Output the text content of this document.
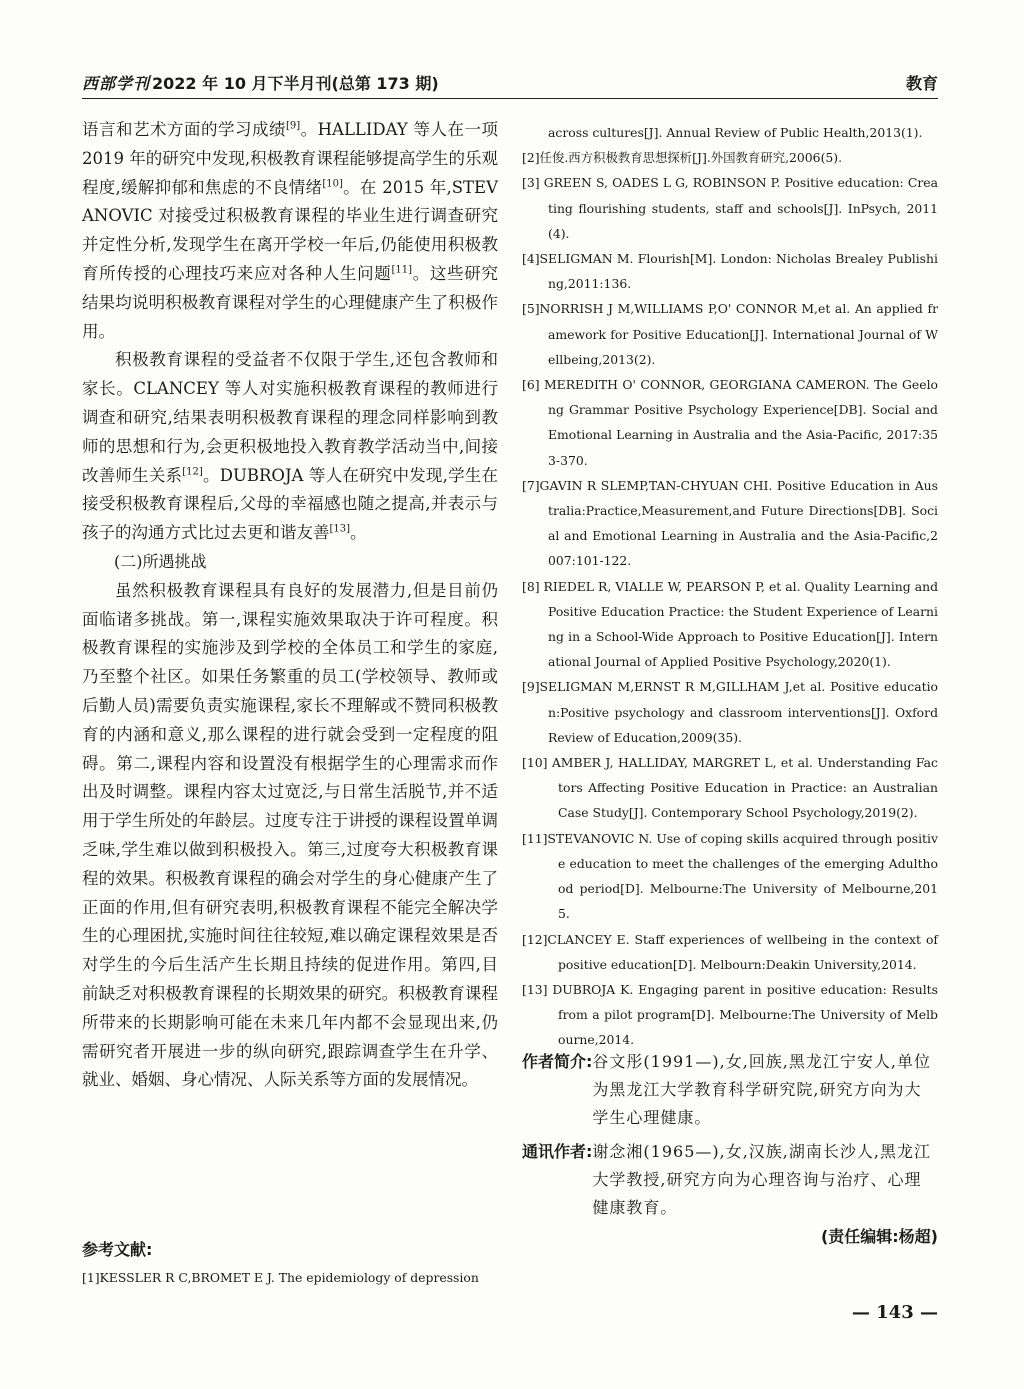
西部学刊 2022 年 10 月下半月刊(总第 173 期)	教育

语言和艺术方面的学习成绩[9]。HALLIDAY 等人在一项 2019 年的研究中发现,积极教育课程能够提高学生的乐观程度,缓解抑郁和焦虑的不良情绪[10]。在 2015 年,STEVANOVIC 对接受过积极教育课程的毕业生进行调查研究并定性分析,发现学生在离开学校一年后,仍能使用积极教育所传授的心理技巧来应对各种人生问题[11]。这些研究结果均说明积极教育课程对学生的心理健康产生了积极作用。

积极教育课程的受益者不仅限于学生,还包含教师和家长。CLANCEY 等人对实施积极教育课程的教师进行调查和研究,结果表明积极教育课程的理念同样影响到教师的思想和行为,会更积极地投入教育教学活动当中,间接改善师生关系[12]。DUBROJA 等人在研究中发现,学生在接受积极教育课程后,父母的幸福感也随之提高,并表示与孩子的沟通方式比过去更和谐友善[13]。

(二)所遇挑战

虽然积极教育课程具有良好的发展潜力,但是目前仍面临诸多挑战。第一,课程实施效果取决于许可程度。积极教育课程的实施涉及到学校的全体员工和学生的家庭,乃至整个社区。如果任务繁重的员工(学校领导、教师或后勤人员)需要负责实施课程,家长不理解或不赞同积极教育的内涵和意义,那么课程的进行就会受到一定程度的阻碍。第二,课程内容和设置没有根据学生的心理需求而作出及时调整。课程内容太过宽泛,与日常生活脱节,并不适用于学生所处的年龄层。过度专注于讲授的课程设置单调乏味,学生难以做到积极投入。第三,过度夸大积极教育课程的效果。积极教育课程的确会对学生的身心健康产生了正面的作用,但有研究表明,积极教育课程不能完全解决学生的心理困扰,实施时间往往较短,难以确定课程效果是否对学生的今后生活产生长期且持续的促进作用。第四,目前缺乏对积极教育课程的长期效果的研究。积极教育课程所带来的长期影响可能在未来几年内都不会显现出来,仍需研究者开展进一步的纵向研究,跟踪调查学生在升学、就业、婚姻、身心情况、人际关系等方面的发展情况。

参考文献:
[1]KESSLER R C,BROMET E J. The epidemiology of depression

across cultures[J]. Annual Review of Public Health,2013(1).

[2]任俊.西方积极教育思想探析[J].外国教育研究,2006(5).

[3] GREEN S, OADES L G, ROBINSON P. Positive education: Creating flourishing students, staff and schools[J]. InPsych, 2011(4).

[4]SELIGMAN M. Flourish[M]. London: Nicholas Brealey Publishing,2011:136.

[5]NORRISH J M,WILLIAMS P,O' CONNOR M,et al. An applied framework for Positive Education[J]. International Journal of Wellbeing,2013(2).

[6] MEREDITH O' CONNOR, GEORGIANA CAMERON. The Geelong Grammar Positive Psychology Experience[DB]. Social and Emotional Learning in Australia and the Asia-Pacific, 2017:353-370.

[7]GAVIN R SLEMP,TAN-CHYUAN CHI. Positive Education in Australia:Practice,Measurement,and Future Directions[DB]. Social and Emotional Learning in Australia and the Asia-Pacific,2007:101-122.

[8] RIEDEL R, VIALLE W, PEARSON P, et al. Quality Learning and Positive Education Practice: the Student Experience of Learning in a School-Wide Approach to Positive Education[J]. International Journal of Applied Positive Psychology,2020(1).

[9]SELIGMAN M,ERNST R M,GILLHAM J,et al. Positive education:Positive psychology and classroom interventions[J]. Oxford Review of Education,2009(35).

[10] AMBER J, HALLIDAY, MARGRET L, et al. Understanding Factors Affecting Positive Education in Practice: an Australian Case Study[J]. Contemporary School Psychology,2019(2).

[11]STEVANOVIC N. Use of coping skills acquired through positive education to meet the challenges of the emerging Adulthood period[D]. Melbourne:The University of Melbourne,2015.

[12]CLANCEY E. Staff experiences of wellbeing in the context of positive education[D]. Melbourn:Deakin University,2014.

[13] DUBROJA K. Engaging parent in positive education: Results from a pilot program[D]. Melbourne:The University of Melbourne,2014.

作者简介: 谷文彤(1991—),女,回族,黑龙江宁安人,单位为黑龙江大学教育科学研究院,研究方向为大学生心理健康。
通讯作者: 谢念湘(1965—),女,汉族,湖南长沙人,黑龙江大学教授,研究方向为心理咨询与治疗、心理健康教育。
(责任编辑:杨超)
— 143 —
